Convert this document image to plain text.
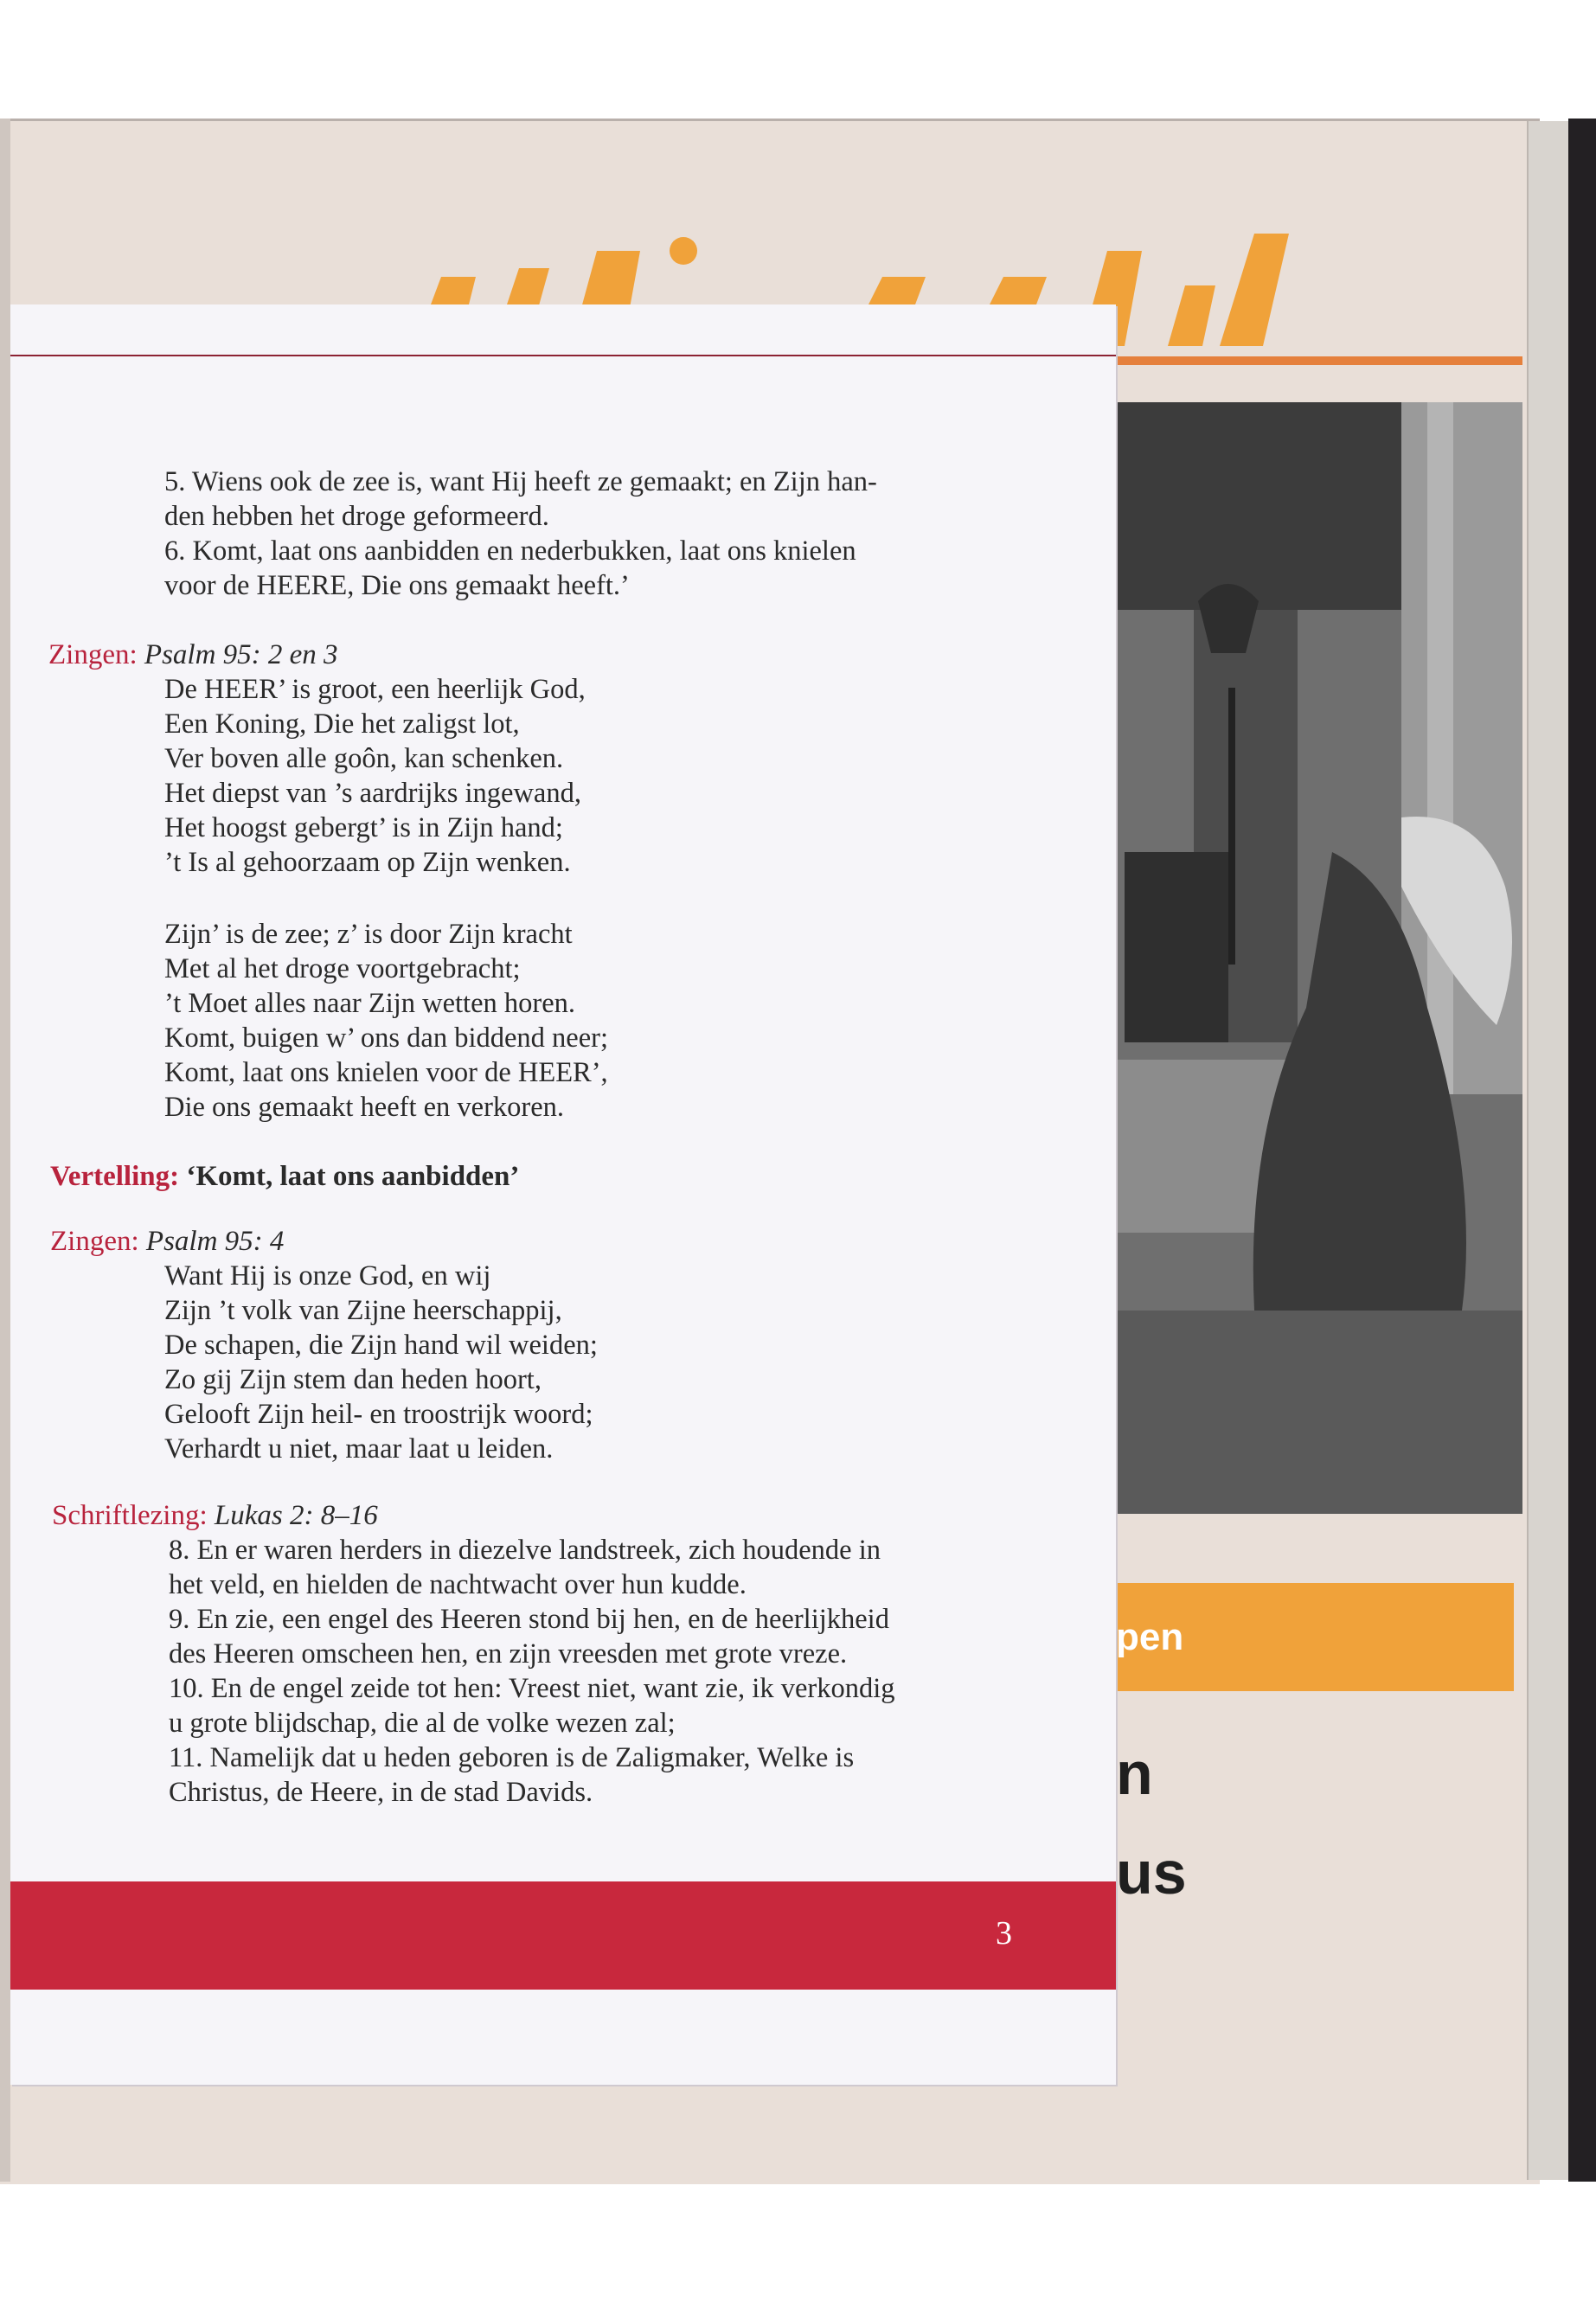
pen
n
us
5. Wiens ook de zee is, want Hij heeft ze gemaakt; en Zijn han-
den hebben het droge geformeerd.
6. Komt, laat ons aanbidden en nederbukken, laat ons knielen
voor de HEERE, Die ons gemaakt heeft.’
Zingen: Psalm 95: 2 en 3
De HEER’ is groot, een heerlijk God,
Een Koning, Die het zaligst lot,
Ver boven alle goôn, kan schenken.
Het diepst van ’s aardrijks ingewand,
Het hoogst gebergt’ is in Zijn hand;
’t Is al gehoorzaam op Zijn wenken.
Zijn’ is de zee; z’ is door Zijn kracht
Met al het droge voortgebracht;
’t Moet alles naar Zijn wetten horen.
Komt, buigen w’ ons dan biddend neer;
Komt, laat ons knielen voor de HEER’,
Die ons gemaakt heeft en verkoren.
Vertelling: ‘Komt, laat ons aanbidden’
Zingen: Psalm 95: 4
Want Hij is onze God, en wij
Zijn ’t volk van Zijne heerschappij,
De schapen, die Zijn hand wil weiden;
Zo gij Zijn stem dan heden hoort,
Gelooft Zijn heil- en troostrijk woord;
Verhardt u niet, maar laat u leiden.
Schriftlezing: Lukas 2: 8–16
8. En er waren herders in diezelve landstreek, zich houdende in
het veld, en hielden de nachtwacht over hun kudde.
9. En zie, een engel des Heeren stond bij hen, en de heerlijkheid
des Heeren omscheen hen, en zijn vreesden met grote vreze.
10. En de engel zeide tot hen: Vreest niet, want zie, ik verkondig
u grote blijdschap, die al de volke wezen zal;
11. Namelijk dat u heden geboren is de Zaligmaker, Welke is
Christus, de Heere, in de stad Davids.
3
